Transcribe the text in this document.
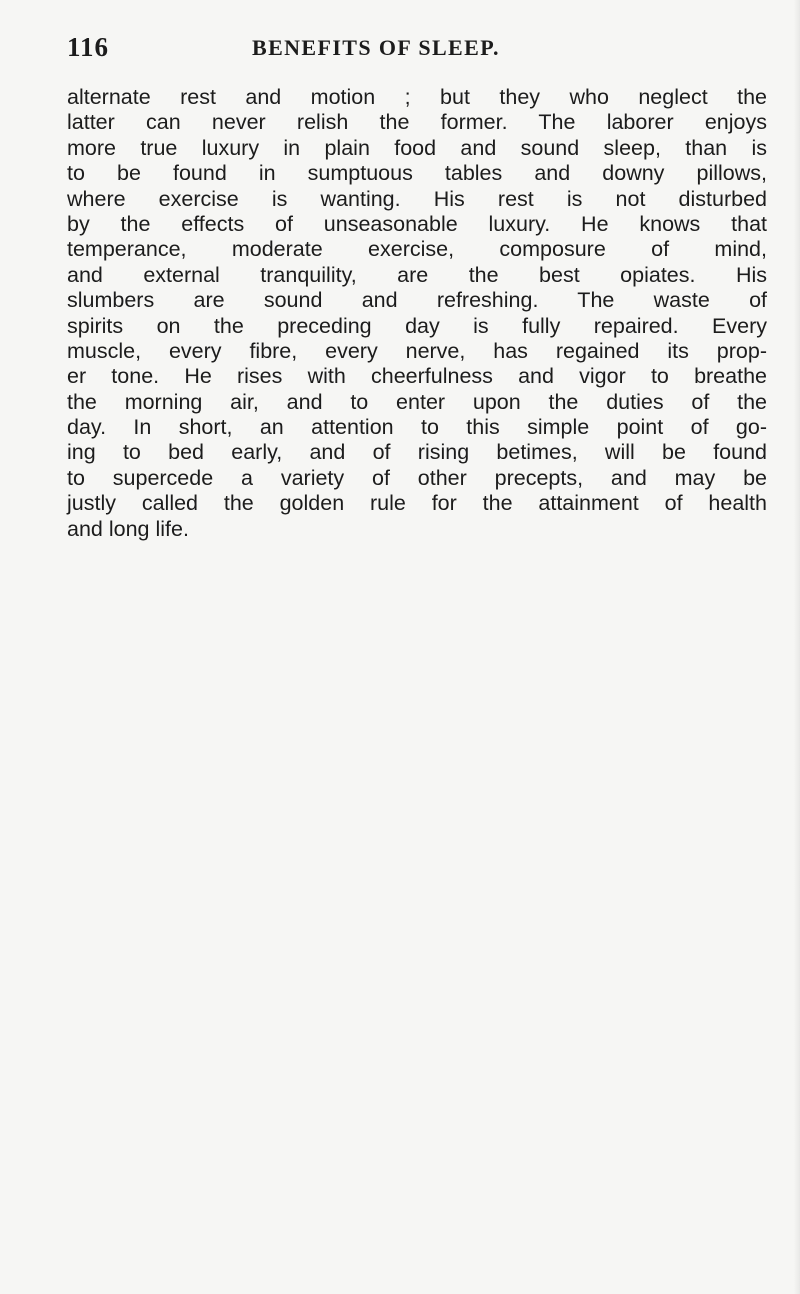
116	BENEFITS OF SLEEP.
alternate rest and motion ; but they who neglect the
latter can never relish the former. The laborer enjoys
more true luxury in plain food and sound sleep, than is
to be found in sumptuous tables and downy pillows,
where exercise is wanting. His rest is not disturbed
by the effects of unseasonable luxury. He knows that
temperance, moderate exercise, composure of mind,
and external tranquility, are the best opiates. His
slumbers are sound and refreshing. The waste of
spirits on the preceding day is fully repaired. Every
muscle, every fibre, every nerve, has regained its prop-
er tone. He rises with cheerfulness and vigor to breathe
the morning air, and to enter upon the duties of the
day. In short, an attention to this simple point of go-
ing to bed early, and of rising betimes, will be found
to supercede a variety of other precepts, and may be
justly called the golden rule for the attainment of health
and long life.
